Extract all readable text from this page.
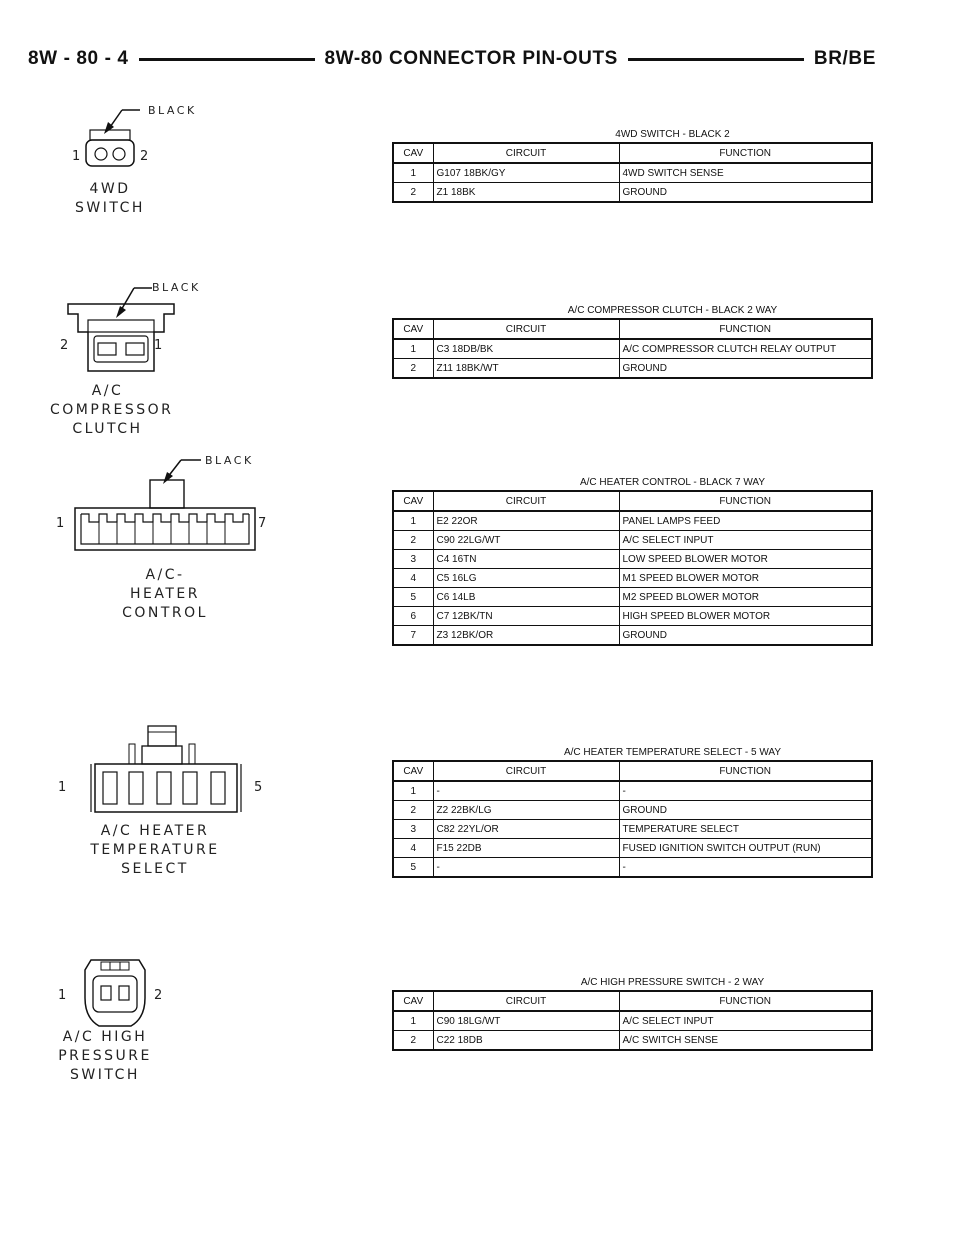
8W - 80 - 4	8W-80 CONNECTOR PIN-OUTS	BR/BE
BLACK
1	2
4WD
SWITCH
4WD SWITCH - BLACK 2
CAV	CIRCUIT	FUNCTION
1	G107 18BK/GY	4WD SWITCH SENSE
2	Z1 18BK	GROUND
BLACK
2	1
A/C
COMPRESSOR
CLUTCH
A/C COMPRESSOR CLUTCH - BLACK 2 WAY
CAV	CIRCUIT	FUNCTION
1	C3 18DB/BK	A/C COMPRESSOR CLUTCH RELAY OUTPUT
2	Z11 18BK/WT	GROUND
BLACK
1	7
A/C-
HEATER
CONTROL
A/C HEATER CONTROL - BLACK 7 WAY
CAV	CIRCUIT	FUNCTION
1	E2 22OR	PANEL LAMPS FEED
2	C90 22LG/WT	A/C SELECT INPUT
3	C4 16TN	LOW SPEED BLOWER MOTOR
4	C5 16LG	M1 SPEED BLOWER MOTOR
5	C6 14LB	M2 SPEED BLOWER MOTOR
6	C7 12BK/TN	HIGH SPEED BLOWER MOTOR
7	Z3 12BK/OR	GROUND
1	5
A/C HEATER
TEMPERATURE
SELECT
A/C HEATER TEMPERATURE SELECT - 5 WAY
CAV	CIRCUIT	FUNCTION
1	-	-
2	Z2 22BK/LG	GROUND
3	C82 22YL/OR	TEMPERATURE SELECT
4	F15 22DB	FUSED IGNITION SWITCH OUTPUT (RUN)
5	-	-
1	2
A/C HIGH
PRESSURE
SWITCH
A/C HIGH PRESSURE SWITCH - 2 WAY
CAV	CIRCUIT	FUNCTION
1	C90 18LG/WT	A/C SELECT INPUT
2	C22 18DB	A/C SWITCH SENSE
